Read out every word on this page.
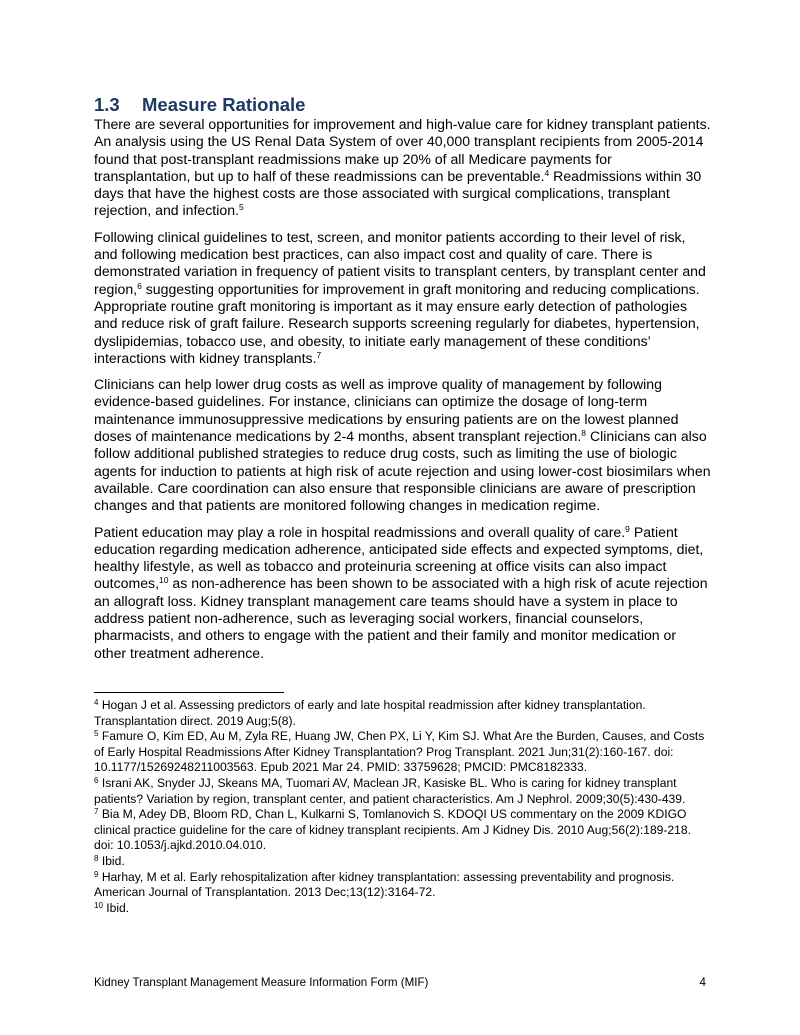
1.3 Measure Rationale

There are several opportunities for improvement and high-value care for kidney transplant patients. An analysis using the US Renal Data System of over 40,000 transplant recipients from 2005-2014 found that post-transplant readmissions make up 20% of all Medicare payments for transplantation, but up to half of these readmissions can be preventable.$^4$ Readmissions within 30 days that have the highest costs are those associated with surgical complications, transplant rejection, and infection.$^5$

Following clinical guidelines to test, screen, and monitor patients according to their level of risk, and following medication best practices, can also impact cost and quality of care. There is demonstrated variation in frequency of patient visits to transplant centers, by transplant center and region,$^6$ suggesting opportunities for improvement in graft monitoring and reducing complications. Appropriate routine graft monitoring is important as it may ensure early detection of pathologies and reduce risk of graft failure. Research supports screening regularly for diabetes, hypertension, dyslipidemias, tobacco use, and obesity, to initiate early management of these conditions’ interactions with kidney transplants.$^7$

Clinicians can help lower drug costs as well as improve quality of management by following evidence-based guidelines. For instance, clinicians can optimize the dosage of long-term maintenance immunosuppressive medications by ensuring patients are on the lowest planned doses of maintenance medications by 2-4 months, absent transplant rejection.$^8$ Clinicians can also follow additional published strategies to reduce drug costs, such as limiting the use of biologic agents for induction to patients at high risk of acute rejection and using lower-cost biosimilars when available. Care coordination can also ensure that responsible clinicians are aware of prescription changes and that patients are monitored following changes in medication regime.

Patient education may play a role in hospital readmissions and overall quality of care.$^9$ Patient education regarding medication adherence, anticipated side effects and expected symptoms, diet, healthy lifestyle, as well as tobacco and proteinuria screening at office visits can also impact outcomes,$^{10}$ as non-adherence has been shown to be associated with a high risk of acute rejection an allograft loss. Kidney transplant management care teams should have a system in place to address patient non-adherence, such as leveraging social workers, financial counselors, pharmacists, and others to engage with the patient and their family and monitor medication or other treatment adherence.

$^4$ Hogan J et al. Assessing predictors of early and late hospital readmission after kidney transplantation. Transplantation direct. 2019 Aug;5(8).
$^5$ Famure O, Kim ED, Au M, Zyla RE, Huang JW, Chen PX, Li Y, Kim SJ. What Are the Burden, Causes, and Costs of Early Hospital Readmissions After Kidney Transplantation? Prog Transplant. 2021 Jun;31(2):160-167. doi: 10.1177/15269248211003563. Epub 2021 Mar 24. PMID: 33759628; PMCID: PMC8182333.
$^6$ Israni AK, Snyder JJ, Skeans MA, Tuomari AV, Maclean JR, Kasiske BL. Who is caring for kidney transplant patients? Variation by region, transplant center, and patient characteristics. Am J Nephrol. 2009;30(5):430-439.
$^7$ Bia M, Adey DB, Bloom RD, Chan L, Kulkarni S, Tomlanovich S. KDOQI US commentary on the 2009 KDIGO clinical practice guideline for the care of kidney transplant recipients. Am J Kidney Dis. 2010 Aug;56(2):189-218. doi: 10.1053/j.ajkd.2010.04.010.
$^8$ Ibid.
$^9$ Harhay, M et al. Early rehospitalization after kidney transplantation: assessing preventability and prognosis. American Journal of Transplantation. 2013 Dec;13(12):3164-72.
$^{10}$ Ibid.
Kidney Transplant Management Measure Information Form (MIF)	4
